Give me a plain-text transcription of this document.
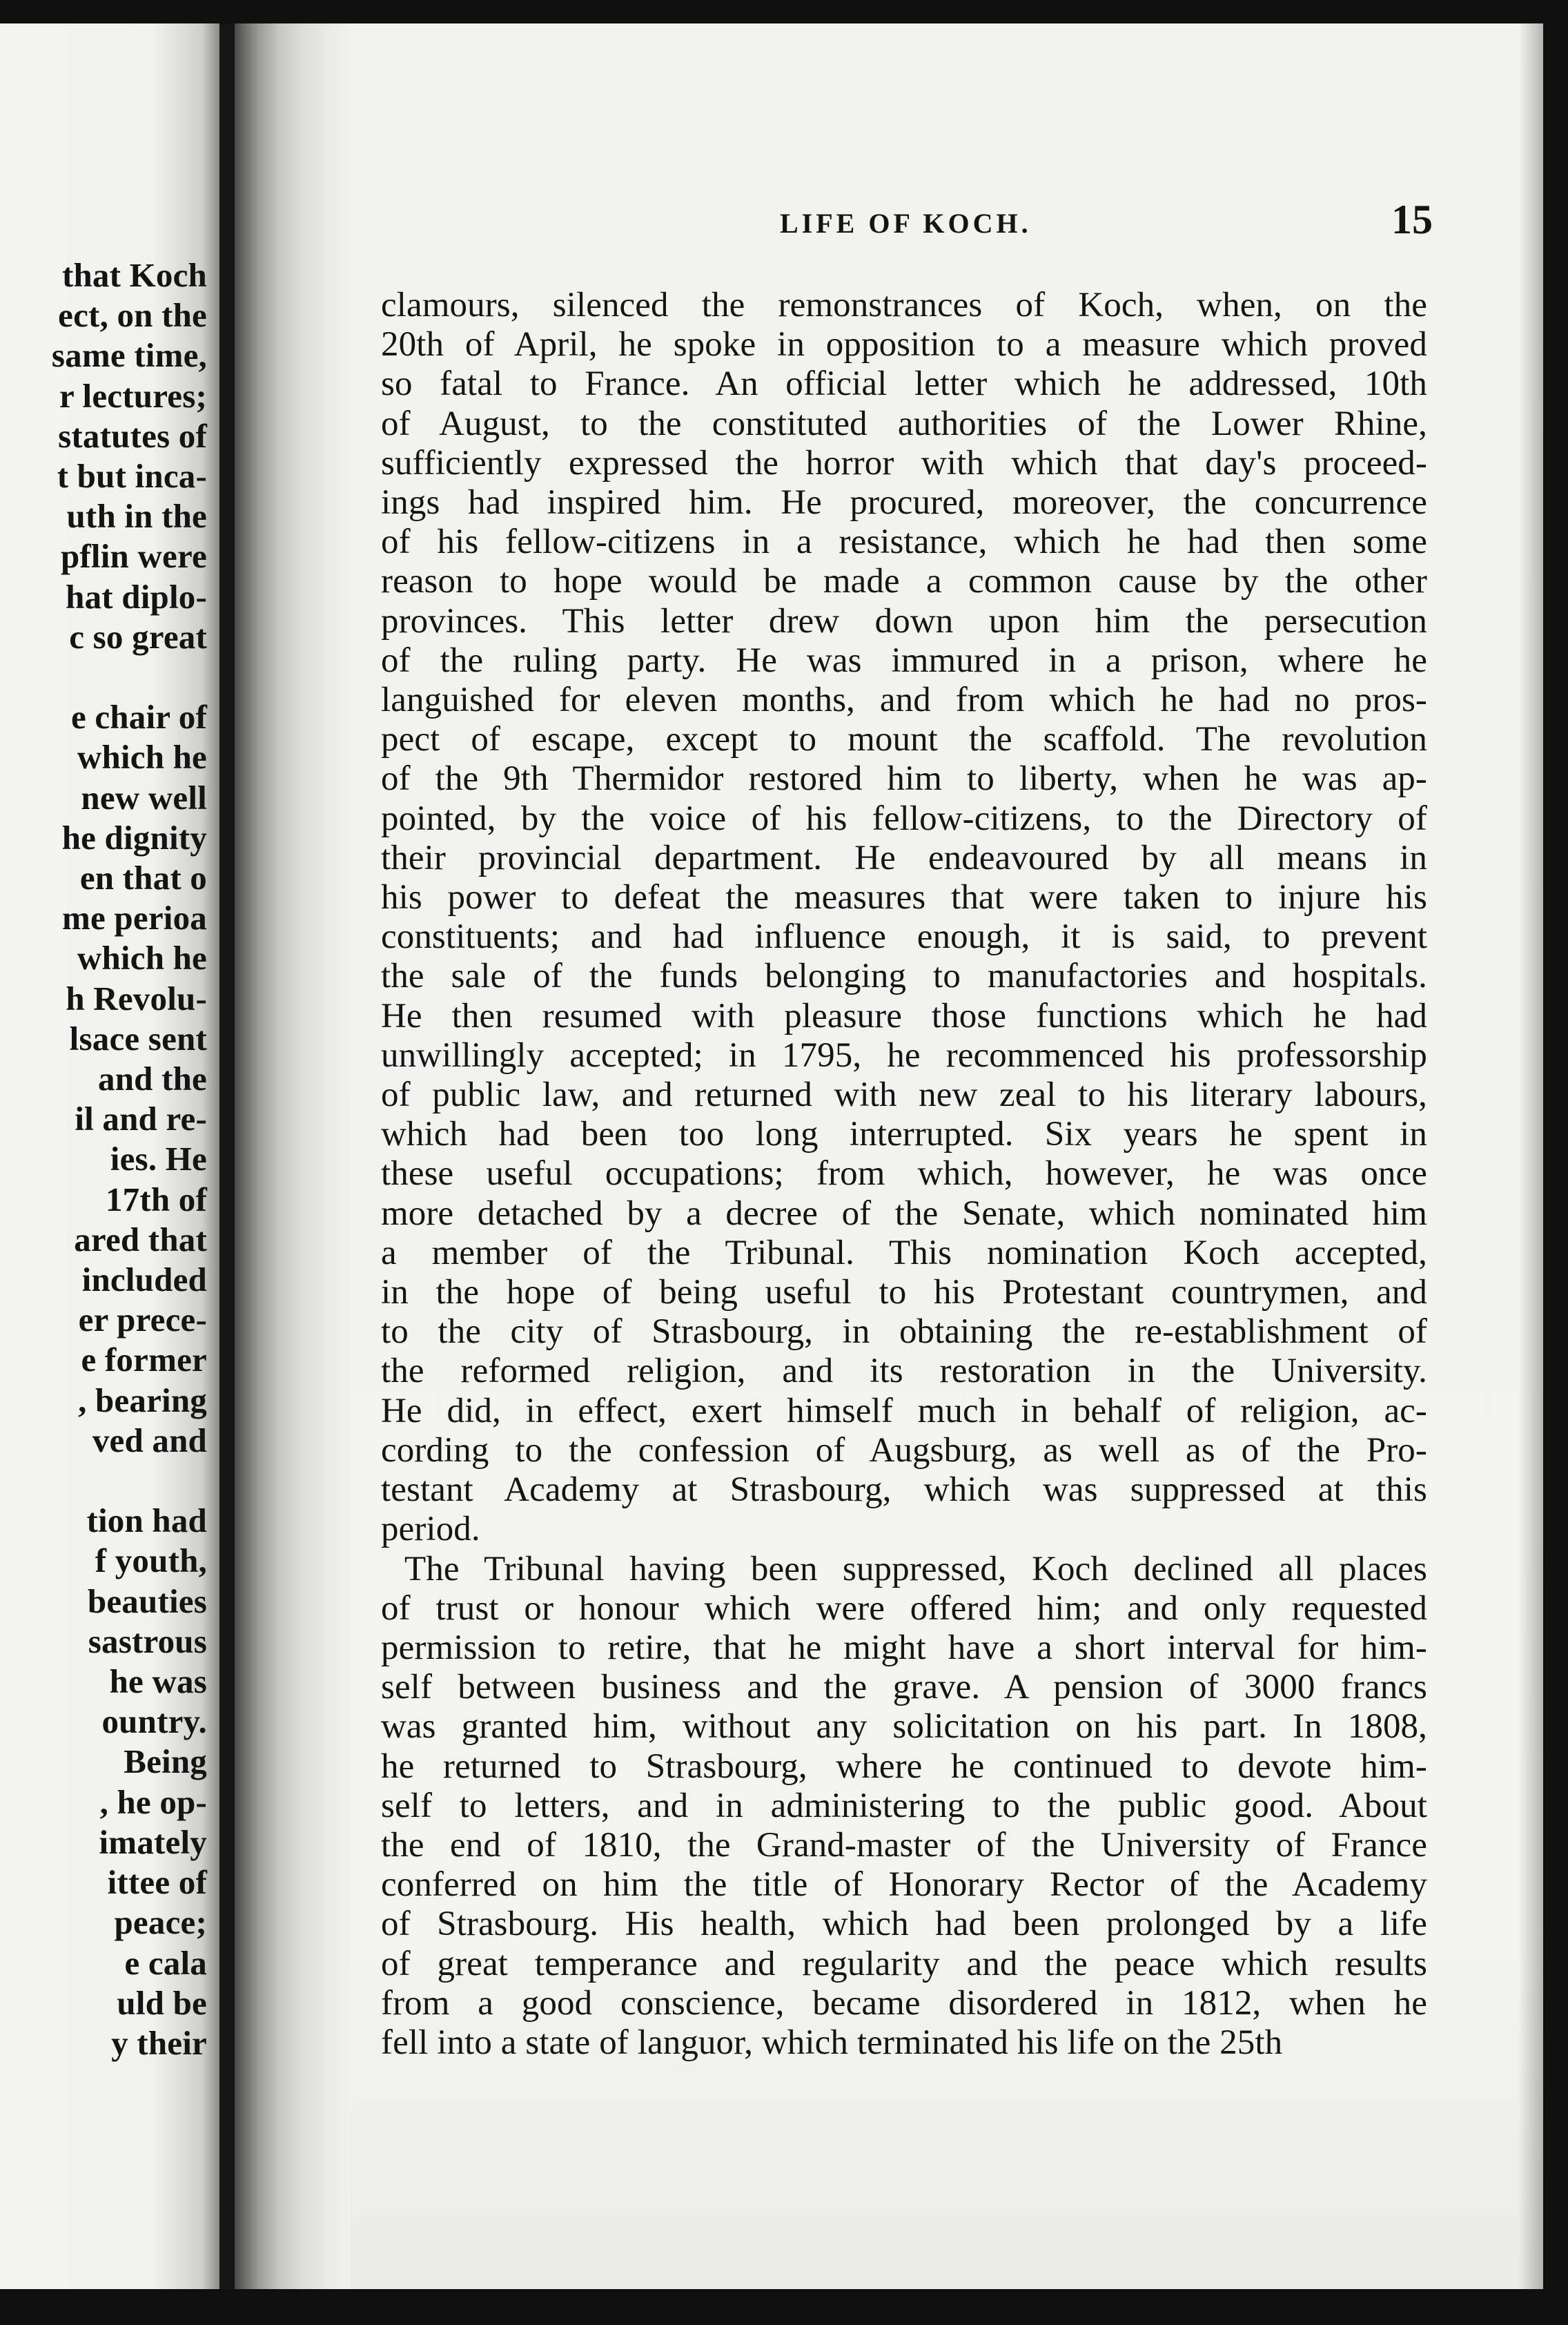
that Koch
ect, on the
same time,
r lectures;
statutes of
t but inca-
uth in the
pflin were
hat diplo-
c so great
e chair of
which he
new well
he dignity
en that o
me perioa
which he
h Revolu-
lsace sent
and the
il and re-
ies. He
17th of
ared that
included
er prece-
e former
, bearing
ved and
tion had
f youth,
beauties
sastrous
he was
ountry.
Being
, he op-
imately
ittee of
peace;
e cala
uld be
y their
LIFE OF KOCH.	15
clamours, silenced the remonstrances of Koch, when, on the
20th of April, he spoke in opposition to a measure which proved
so fatal to France. An official letter which he addressed, 10th
of August, to the constituted authorities of the Lower Rhine,
sufficiently expressed the horror with which that day's proceed-
ings had inspired him. He procured, moreover, the concurrence
of his fellow-citizens in a resistance, which he had then some
reason to hope would be made a common cause by the other
provinces. This letter drew down upon him the persecution
of the ruling party. He was immured in a prison, where he
languished for eleven months, and from which he had no pros-
pect of escape, except to mount the scaffold. The revolution
of the 9th Thermidor restored him to liberty, when he was ap-
pointed, by the voice of his fellow-citizens, to the Directory of
their provincial department. He endeavoured by all means in
his power to defeat the measures that were taken to injure his
constituents; and had influence enough, it is said, to prevent
the sale of the funds belonging to manufactories and hospitals.
He then resumed with pleasure those functions which he had
unwillingly accepted; in 1795, he recommenced his professorship
of public law, and returned with new zeal to his literary labours,
which had been too long interrupted. Six years he spent in
these useful occupations; from which, however, he was once
more detached by a decree of the Senate, which nominated him
a member of the Tribunal. This nomination Koch accepted,
in the hope of being useful to his Protestant countrymen, and
to the city of Strasbourg, in obtaining the re-establishment of
the reformed religion, and its restoration in the University.
He did, in effect, exert himself much in behalf of religion, ac-
cording to the confession of Augsburg, as well as of the Pro-
testant Academy at Strasbourg, which was suppressed at this
period.
The Tribunal having been suppressed, Koch declined all places
of trust or honour which were offered him; and only requested
permission to retire, that he might have a short interval for him-
self between business and the grave. A pension of 3000 francs
was granted him, without any solicitation on his part. In 1808,
he returned to Strasbourg, where he continued to devote him-
self to letters, and in administering to the public good. About
the end of 1810, the Grand-master of the University of France
conferred on him the title of Honorary Rector of the Academy
of Strasbourg. His health, which had been prolonged by a life
of great temperance and regularity and the peace which results
from a good conscience, became disordered in 1812, when he
fell into a state of languor, which terminated his life on the 25th
